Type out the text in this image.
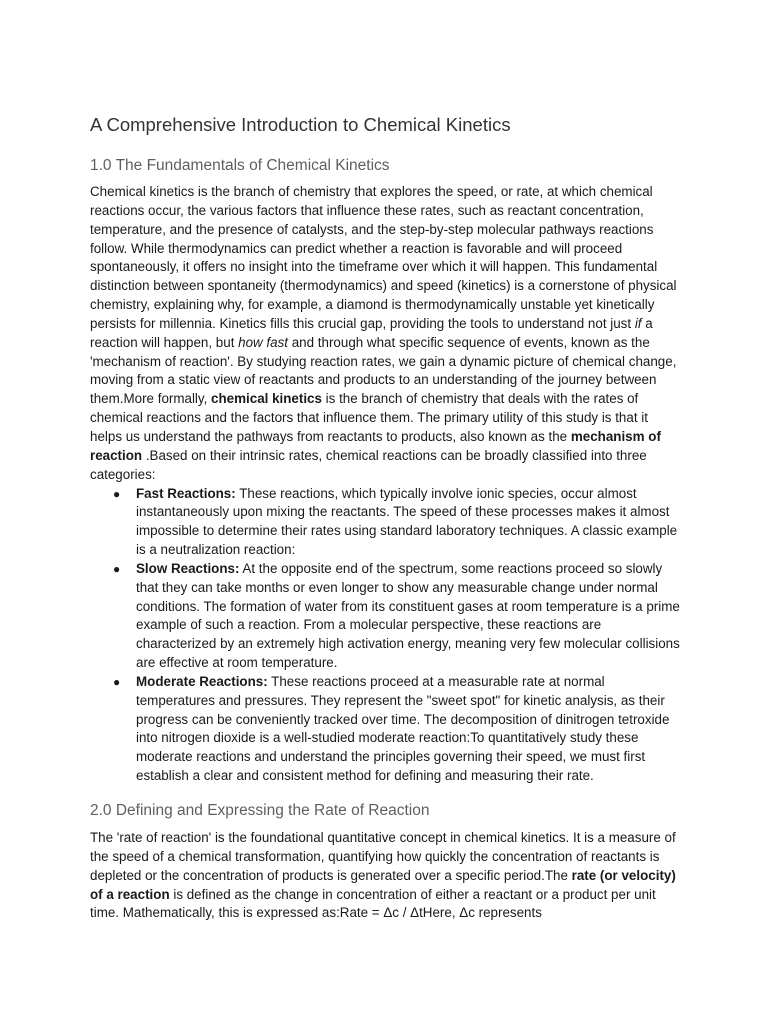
A Comprehensive Introduction to Chemical Kinetics
1.0 The Fundamentals of Chemical Kinetics

Chemical kinetics is the branch of chemistry that explores the speed, or rate, at which chemical reactions occur, the various factors that influence these rates, such as reactant concentration, temperature, and the presence of catalysts, and the step-by-step molecular pathways reactions follow. While thermodynamics can predict whether a reaction is favorable and will proceed spontaneously, it offers no insight into the timeframe over which it will happen. This fundamental distinction between spontaneity (thermodynamics) and speed (kinetics) is a cornerstone of physical chemistry, explaining why, for example, a diamond is thermodynamically unstable yet kinetically persists for millennia. Kinetics fills this crucial gap, providing the tools to understand not just if a reaction will happen, but how fast and through what specific sequence of events, known as the 'mechanism of reaction'. By studying reaction rates, we gain a dynamic picture of chemical change, moving from a static view of reactants and products to an understanding of the journey between them.More formally, chemical kinetics is the branch of chemistry that deals with the rates of chemical reactions and the factors that influence them. The primary utility of this study is that it helps us understand the pathways from reactants to products, also known as the mechanism of reaction .Based on their intrinsic rates, chemical reactions can be broadly classified into three categories:

● Fast Reactions: These reactions, which typically involve ionic species, occur almost instantaneously upon mixing the reactants. The speed of these processes makes it almost impossible to determine their rates using standard laboratory techniques. A classic example is a neutralization reaction:
● Slow Reactions: At the opposite end of the spectrum, some reactions proceed so slowly that they can take months or even longer to show any measurable change under normal conditions. The formation of water from its constituent gases at room temperature is a prime example of such a reaction. From a molecular perspective, these reactions are characterized by an extremely high activation energy, meaning very few molecular collisions are effective at room temperature.
● Moderate Reactions: These reactions proceed at a measurable rate at normal temperatures and pressures. They represent the "sweet spot" for kinetic analysis, as their progress can be conveniently tracked over time. The decomposition of dinitrogen tetroxide into nitrogen dioxide is a well-studied moderate reaction:To quantitatively study these moderate reactions and understand the principles governing their speed, we must first establish a clear and consistent method for defining and measuring their rate.
2.0 Defining and Expressing the Rate of Reaction

The 'rate of reaction' is the foundational quantitative concept in chemical kinetics. It is a measure of the speed of a chemical transformation, quantifying how quickly the concentration of reactants is depleted or the concentration of products is generated over a specific period.The rate (or velocity) of a reaction is defined as the change in concentration of either a reactant or a product per unit time. Mathematically, this is expressed as:Rate = Δc / ΔtHere, Δc represents
